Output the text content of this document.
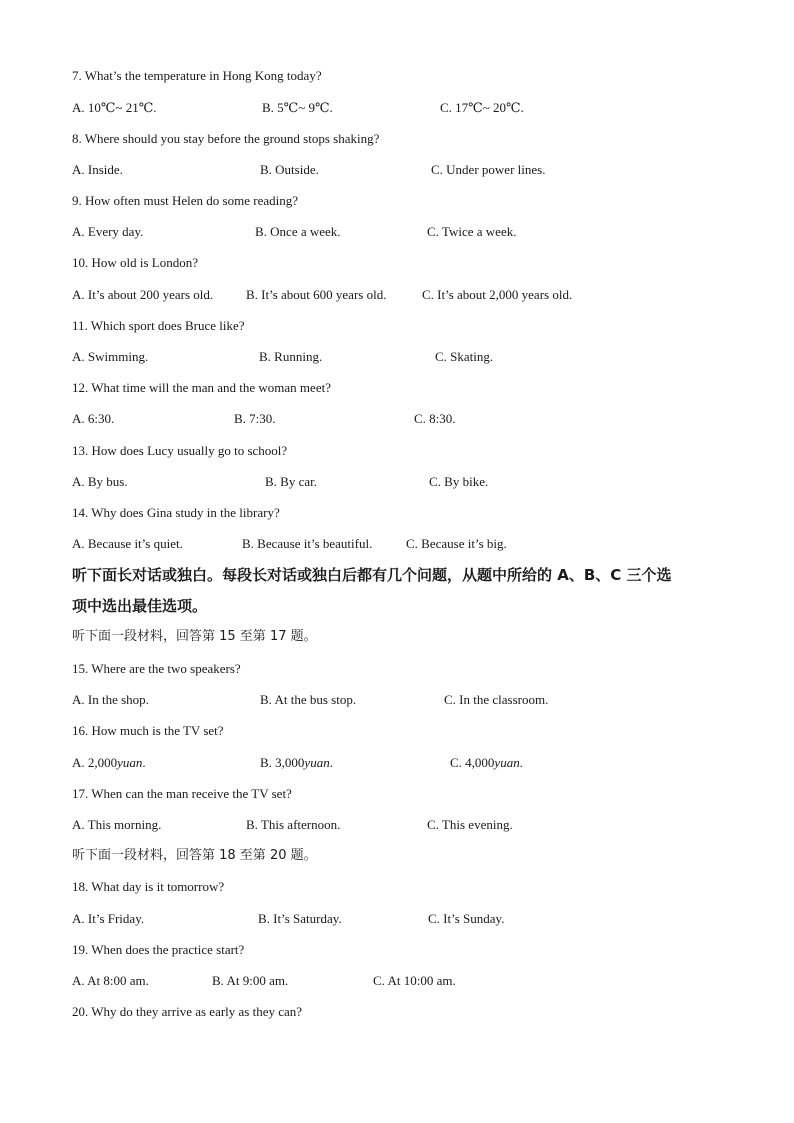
7. What’s the temperature in Hong Kong today?
A. 10℃~ 21℃.	B. 5℃~ 9℃.	C. 17℃~ 20℃.
8. Where should you stay before the ground stops shaking?
A. Inside.	B. Outside.	C. Under power lines.
9. How often must Helen do some reading?
A. Every day.	B. Once a week.	C. Twice a week.
10. How old is London?
A. It’s about 200 years old.	B. It’s about 600 years old.	C. It’s about 2,000 years old.
11. Which sport does Bruce like?
A. Swimming.	B. Running.	C. Skating.
12. What time will the man and the woman meet?
A. 6:30.	B. 7:30.	C. 8:30.
13. How does Lucy usually go to school?
A. By bus.	B. By car.	C. By bike.
14. Why does Gina study in the library?
A. Because it’s quiet.	B. Because it’s beautiful.	C. Because it’s big.
听下面长对话或独白。每段长对话或独白后都有几个问题，从题中所给的 A、B、C 三个选
项中选出最佳选项。
听下面一段材料，回答第 15 至第 17 题。
15. Where are the two speakers?
A. In the shop.	B. At the bus stop.	C. In the classroom.
16. How much is the TV set?
A. 2,000yuan.	B. 3,000yuan.	C. 4,000yuan.
17. When can the man receive the TV set?
A. This morning.	B. This afternoon.	C. This evening.
听下面一段材料，回答第 18 至第 20 题。
18. What day is it tomorrow?
A. It’s Friday.	B. It’s Saturday.	C. It’s Sunday.
19. When does the practice start?
A. At 8:00 am.	B. At 9:00 am.	C. At 10:00 am.
20. Why do they arrive as early as they can?
